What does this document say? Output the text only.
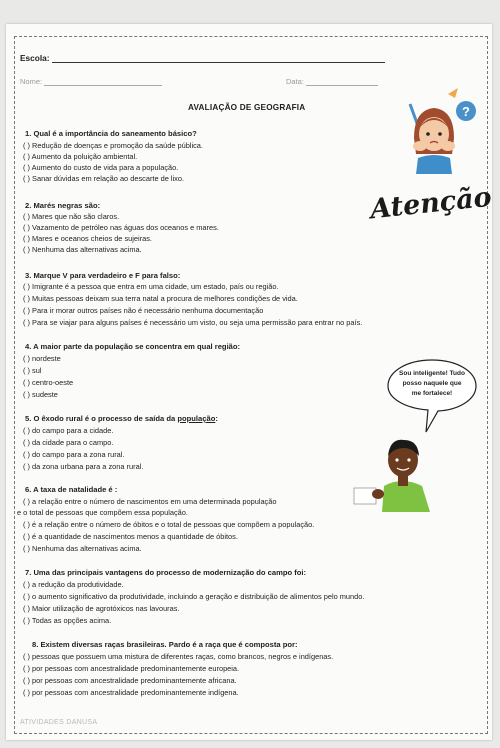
Escola:
Nome:	Data:
AVALIAÇÃO DE GEOGRAFIA	?
Atenção
1. Qual é a importância do saneamento básico?
( ) Redução de doenças e promoção da saúde pública.
( ) Aumento da poluição ambiental.
( ) Aumento do custo de vida para a população.
( ) Sanar dúvidas em relação ao descarte de lixo.
2. Marés negras são:
( ) Mares que não são claros.
( ) Vazamento de petróleo nas águas dos oceanos e mares.
( ) Mares e oceanos cheios de sujeiras.
( ) Nenhuma das alternativas acima.
3. Marque V para verdadeiro e F para falso:
( ) Imigrante é a pessoa que entra em uma cidade, um estado, país ou região.
( ) Muitas pessoas deixam sua terra natal a procura de melhores condições de vida.
( ) Para ir morar outros países não é necessário nenhuma documentação
( ) Para se viajar para alguns países é necessário um visto, ou seja uma permissão para entrar no país.
4. A maior parte da população se concentra em qual região:
( ) nordeste
( ) sul
( ) centro-oeste
( ) sudeste
Sou inteligente! Tudo posso naquele que me fortalece!
5. O êxodo rural é o processo de saída da população:
( ) do campo para a cidade.
( ) da cidade para o campo.
( ) do campo para a zona rural.
( ) da zona urbana para a zona rural.
6. A taxa de natalidade é :
( ) a relação entre o número de nascimentos em uma determinada população
e o total de pessoas que compõem essa população.
( ) é a relação entre o número de óbitos e o total de pessoas que compõem a população.
( ) é a quantidade de nascimentos menos a quantidade de óbitos.
( ) Nenhuma das alternativas acima.
7. Uma das principais vantagens do processo de modernização do campo foi:
( ) a redução da produtividade.
( ) o aumento significativo da produtividade, incluindo a geração e distribuição de alimentos pelo mundo.
( ) Maior utilização de agrotóxicos nas lavouras.
( ) Todas as opções acima.
8. Existem diversas raças brasileiras. Pardo é a raça que é composta por:
( ) pessoas que possuem uma mistura de diferentes raças, como brancos, negros e indígenas.
( ) por pessoas com ancestralidade predominantemente europeia.
( ) por pessoas com ancestralidade predominantemente africana.
( ) por pessoas com ancestralidade predominantemente indígena.
ATIVIDADES DANUSA
